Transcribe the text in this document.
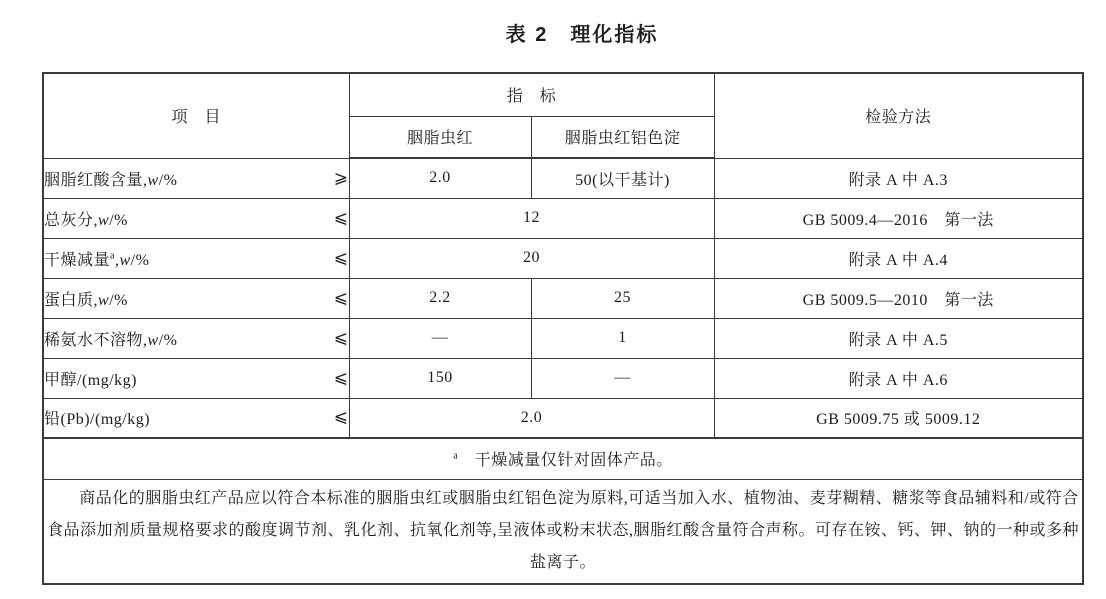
表 2　理化指标
项　目	指　标		检验方法
	胭脂虫红	胭脂虫红铝色淀	

胭脂红酸含量,w/% ⩾	2.0	50(以干基计)	附录 A 中 A.3

总灰分,w/% ⩽	12		GB 5009.4—2016　第一法

干燥减量$^a$,w/% ⩽	20		附录 A 中 A.4

蛋白质,w/% ⩽	2.2	25	GB 5009.5—2010　第一法

稀氨水不溶物,w/% ⩽	—	1	附录 A 中 A.5

甲醇/(mg/kg) ⩽	150	—	附录 A 中 A.6

铅(Pb)/(mg/kg) ⩽	2.0		GB 5009.75 或 5009.12
$^a$　 干燥减量仅针对固体产品。			
商品化的胭脂虫红产品应以符合本标准的胭脂虫红或胭脂虫红铝色淀为原料,可适当加入水、植物油、麦芽糊精、糖浆等食品辅料和/或符合食品添加剂质量规格要求的酸度调节剂、乳化剂、抗氧化剂等,呈液体或粉末状态,胭脂红酸含量符合声称。可存在铵、钙、钾、钠的一种或多种盐离子。			
